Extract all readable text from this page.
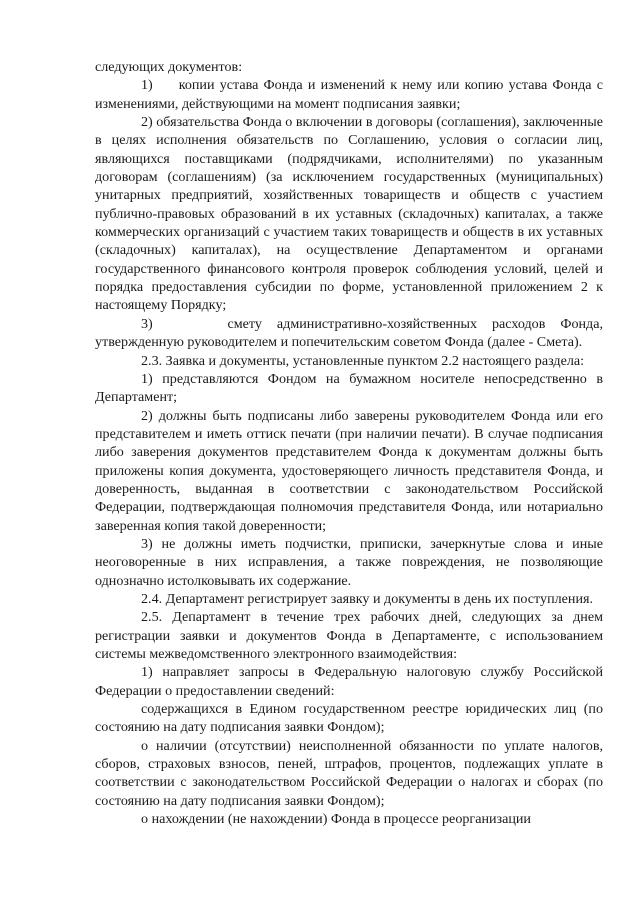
следующих документов:

1)     копии устава Фонда и изменений к нему или копию устава Фонда с изменениями, действующими на момент подписания заявки;

2) обязательства Фонда о включении в договоры (соглашения), заключенные в целях исполнения обязательств по Соглашению, условия о согласии лиц, являющихся поставщиками (подрядчиками, исполнителями) по указанным договорам (соглашениям) (за исключением государственных (муниципальных) унитарных предприятий, хозяйственных товариществ и обществ с участием публично-правовых образований в их уставных (складочных) капиталах, а также коммерческих организаций с участием таких товариществ и обществ в их уставных (складочных) капиталах), на осуществление Департаментом и органами государственного финансового контроля проверок соблюдения условий, целей и порядка предоставления субсидии по форме, установленной приложением 2 к настоящему Порядку;

3)     смету административно-хозяйственных расходов Фонда, утвержденную руководителем и попечительским советом Фонда (далее - Смета).

2.3. Заявка и документы, установленные пунктом 2.2 настоящего раздела:

1) представляются Фондом на бумажном носителе непосредственно в Департамент;

2) должны быть подписаны либо заверены руководителем Фонда или его представителем и иметь оттиск печати (при наличии печати). В случае подписания либо заверения документов представителем Фонда к документам должны быть приложены копия документа, удостоверяющего личность представителя Фонда, и доверенность, выданная в соответствии с законодательством Российской Федерации, подтверждающая полномочия представителя Фонда, или нотариально заверенная копия такой доверенности;

3) не должны иметь подчистки, приписки, зачеркнутые слова и иные неоговоренные в них исправления, а также повреждения, не позволяющие однозначно истолковывать их содержание.

2.4. Департамент регистрирует заявку и документы в день их поступления.

2.5. Департамент в течение трех рабочих дней, следующих за днем регистрации заявки и документов Фонда в Департаменте, с использованием системы межведомственного электронного взаимодействия:

1) направляет запросы в Федеральную налоговую службу Российской Федерации о предоставлении сведений:

содержащихся в Едином государственном реестре юридических лиц (по состоянию на дату подписания заявки Фондом);

о наличии (отсутствии) неисполненной обязанности по уплате налогов, сборов, страховых взносов, пеней, штрафов, процентов, подлежащих уплате в соответствии с законодательством Российской Федерации о налогах и сборах (по состоянию на дату подписания заявки Фондом);

о нахождении (не нахождении) Фонда в процессе реорганизации
